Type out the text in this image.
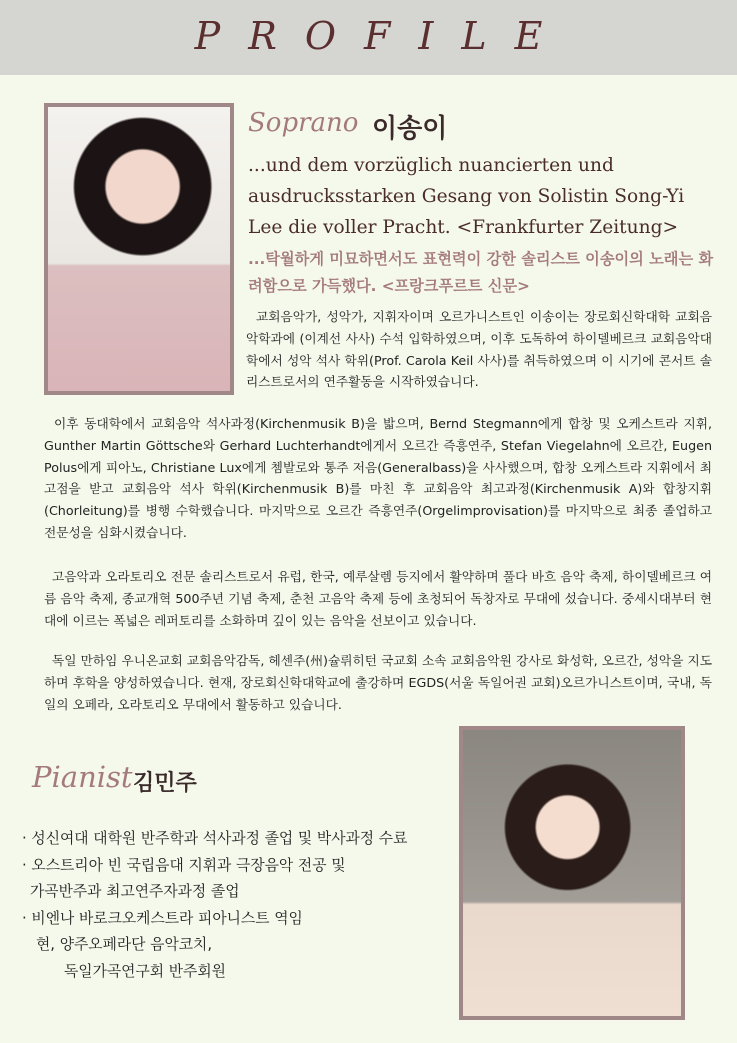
PROFILE
Soprano 이송이
...und dem vorzüglich nuancierten und ausdrucksstarken Gesang von Solistin Song-Yi Lee die voller Pracht. <Frankfurter Zeitung>
...탁월하게 미묘하면서도 표현력이 강한 솔리스트 이송이의 노래는 화려함으로 가득했다. <프랑크푸르트 신문>
교회음악가, 성악가, 지휘자이며 오르가니스트인 이송이는 장로회신학대학 교회음악학과에 (이계선 사사) 수석 입학하였으며, 이후 도독하여 하이델베르크 교회음악대학에서 성악 석사 학위(Prof. Carola Keil 사사)를 취득하였으며 이 시기에 콘서트 솔리스트로서의 연주활동을 시작하였습니다.
이후 동대학에서 교회음악 석사과정(Kirchenmusik B)을 밟으며, Bernd Stegmann에게 합창 및 오케스트라 지휘, Gunther Martin Göttsche와 Gerhard Luchterhandt에게서 오르간 즉흥연주, Stefan Viegelahn에 오르간, Eugen Polus에게 피아노, Christiane Lux에게 쳄발로와 통주 저음(Generalbass)을 사사했으며, 합창 오케스트라 지휘에서 최고점을 받고 교회음악 석사 학위(Kirchenmusik B)를 마친 후 교회음악 최고과정(Kirchenmusik A)와 합창지휘(Chorleitung)를 병행 수학했습니다. 마지막으로 오르간 즉흥연주(Orgelimprovisation)를 마지막으로 최종 졸업하고 전문성을 심화시켰습니다.
고음악과 오라토리오 전문 솔리스트로서 유럽, 한국, 예루살렘 등지에서 활약하며 풀다 바흐 음악 축제, 하이델베르크 여름 음악 축제, 종교개혁 500주년 기념 축제, 춘천 고음악 축제 등에 초청되어 독창자로 무대에 섰습니다. 중세시대부터 현대에 이르는 폭넓은 레퍼토리를 소화하며 깊이 있는 음악을 선보이고 있습니다.
독일 만하임 우니온교회 교회음악감독, 헤센주(州)슐뤼히턴 국교회 소속 교회음악원 강사로 화성학, 오르간, 성악을 지도하며 후학을 양성하였습니다. 현재, 장로회신학대학교에 출강하며 EGDS(서울 독일어권 교회)오르가니스트이며, 국내, 독일의 오페라, 오라토리오 무대에서 활동하고 있습니다.
Pianist 김민주
· 성신여대 대학원 반주학과 석사과정 졸업 및 박사과정 수료
· 오스트리아 빈 국립음대 지휘과 극장음악 전공 및
가곡반주과 최고연주자과정 졸업
· 비엔나 바로크오케스트라 피아니스트 역임
현, 양주오페라단 음악코치,
독일가곡연구회 반주회원
